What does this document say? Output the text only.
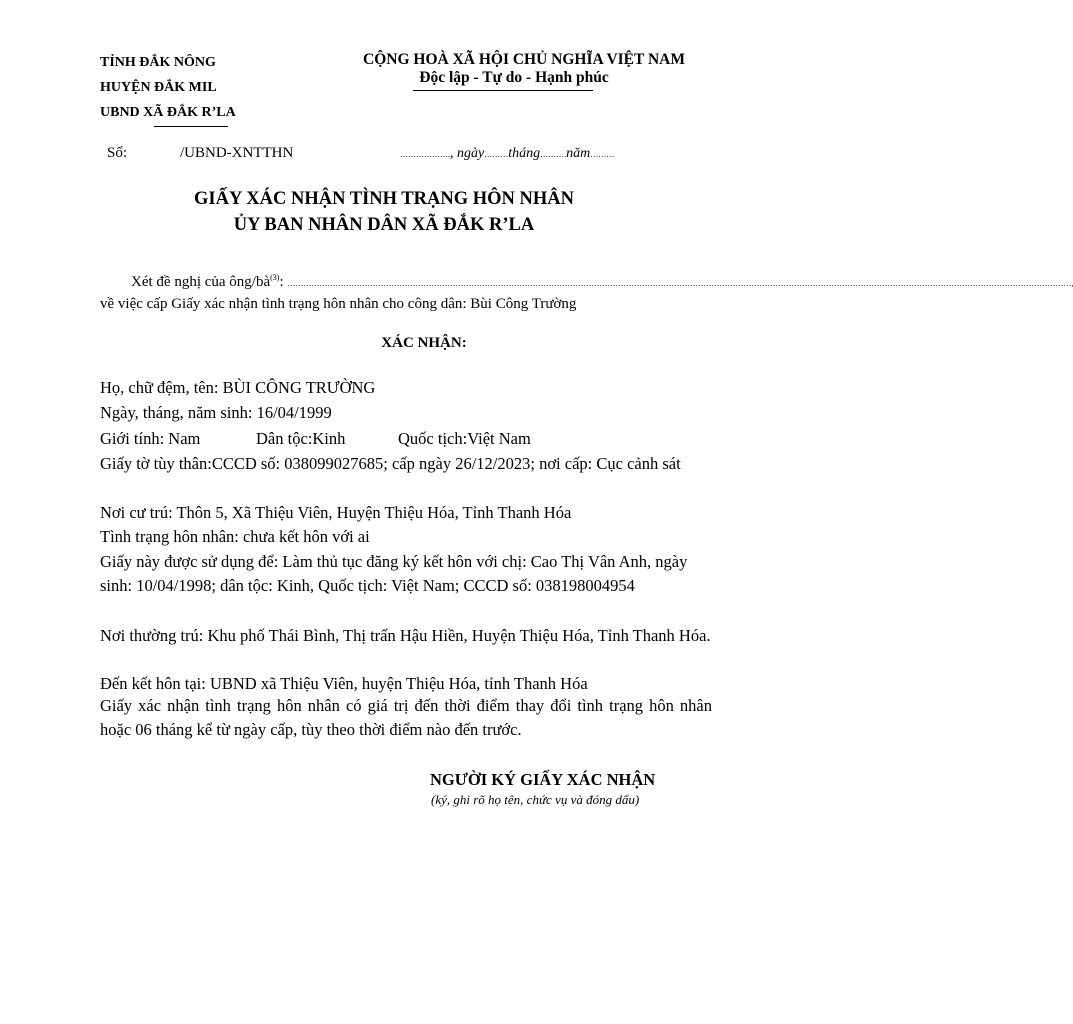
TỈNH ĐẮK NÔNG
HUYỆN ĐẮK MIL
UBND XÃ ĐẮK R’LA
CỘNG HOÀ XÃ HỘI CHỦ NGHĨA VIỆT NAM
Độc lập - Tự do - Hạnh phúc
Số:	/UBND-XNTTHN	………………., ngày………tháng……….năm………
GIẤY XÁC NHẬN TÌNH TRẠNG HÔN NHÂN
ỦY BAN NHÂN DÂN XÃ ĐẮK R’LA
Xét đề nghị của ông/$bà^{(3)}$: ……………………………………………………………………………………………………………………………………………………………………………………………………………………………………………………………………,
về việc cấp Giấy xác nhận tình trạng hôn nhân cho công dân: Bùi Công Trường
XÁC NHẬN:
Họ, chữ đệm, tên: BÙI CÔNG TRƯỜNG
Ngày, tháng, năm sinh: 16/04/1999
Giới tính: Nam	Dân tộc:Kinh	Quốc tịch:Việt Nam
Giấy tờ tùy thân:CCCD số: 038099027685; cấp ngày 26/12/2023; nơi cấp: Cục cảnh sát
Nơi cư trú: Thôn 5, Xã Thiệu Viên, Huyện Thiệu Hóa, Tỉnh Thanh Hóa
Tình trạng hôn nhân: chưa kết hôn với ai
Giấy này được sử dụng để: Làm thủ tục đăng ký kết hôn với chị: Cao Thị Vân Anh, ngày sinh: 10/04/1998; dân tộc: Kinh, Quốc tịch: Việt Nam; CCCD số: 038198004954
Nơi thường trú: Khu phố Thái Bình, Thị trấn Hậu Hiền, Huyện Thiệu Hóa, Tỉnh Thanh Hóa.
Đến kết hôn tại: UBND xã Thiệu Viên, huyện Thiệu Hóa, tỉnh Thanh Hóa
Giấy xác nhận tình trạng hôn nhân có giá trị đến thời điểm thay đổi tình trạng hôn nhân hoặc 06 tháng kể từ ngày cấp, tùy theo thời điểm nào đến trước.
NGƯỜI KÝ GIẤY XÁC NHẬN
(ký, ghi rõ họ tên, chức vụ và đóng dấu)
